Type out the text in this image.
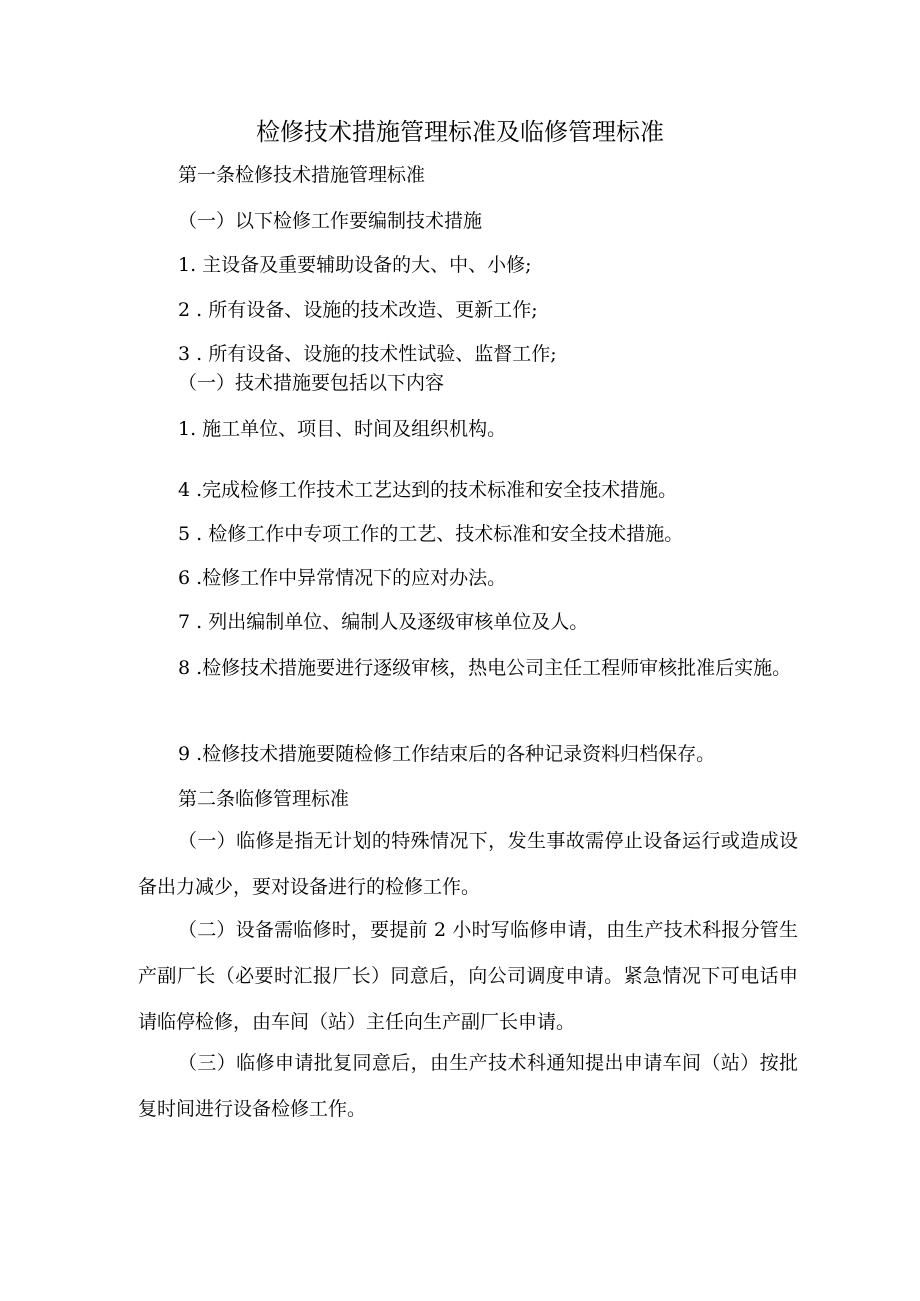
检修技术措施管理标准及临修管理标准
第一条检修技术措施管理标准
（一）以下检修工作要编制技术措施
1. 主设备及重要辅助设备的大、中、小修;
2 . 所有设备、设施的技术改造、更新工作;
3 . 所有设备、设施的技术性试验、监督工作;
（一）技术措施要包括以下内容
1. 施工单位、项目、时间及组织机构。
4 .完成检修工作技术工艺达到的技术标准和安全技术措施。
5 . 检修工作中专项工作的工艺、技术标准和安全技术措施。
6 .检修工作中异常情况下的应对办法。
7 . 列出编制单位、编制人及逐级审核单位及人。
8 .检修技术措施要进行逐级审核，热电公司主任工程师审核批准后实施。
9 .检修技术措施要随检修工作结束后的各种记录资料归档保存。
第二条临修管理标准
（一）临修是指无计划的特殊情况下，发生事故需停止设备运行或造成设备出力减少，要对设备进行的检修工作。
（二）设备需临修时，要提前 2 小时写临修申请，由生产技术科报分管生产副厂长（必要时汇报厂长）同意后，向公司调度申请。紧急情况下可电话申请临停检修，由车间（站）主任向生产副厂长申请。
（三）临修申请批复同意后，由生产技术科通知提出申请车间（站）按批复时间进行设备检修工作。
